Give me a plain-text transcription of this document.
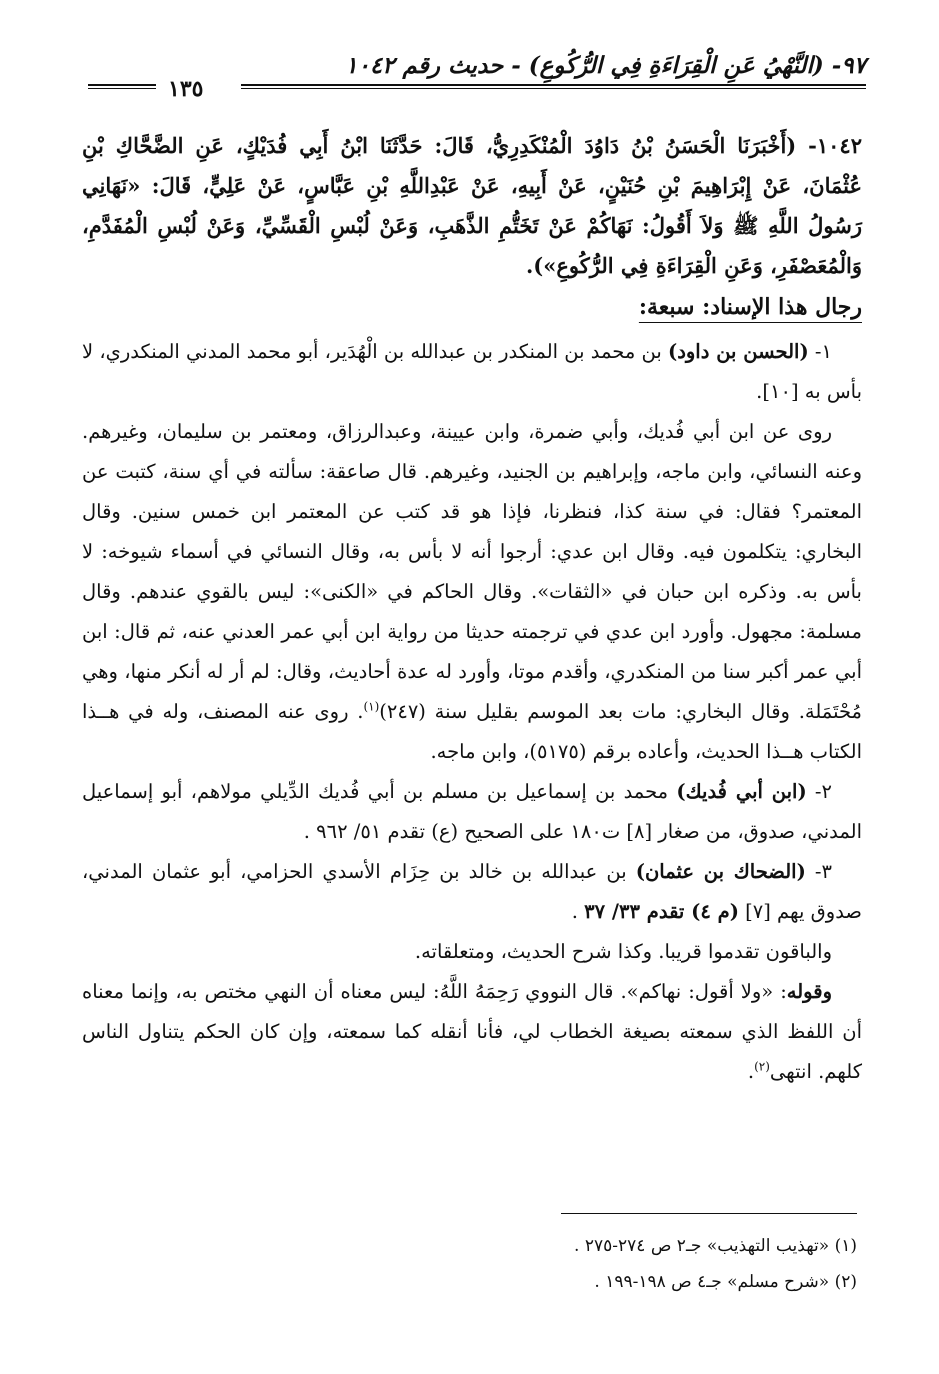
٩٧- (النَّهْيُ عَنِ الْقِرَاءَةِ فِي الرُّكُوعِ) - حديث رقم ١٠٤٢
١٣٥

١٠٤٢- (أَخْبَرَنَا الْحَسَنُ بْنُ دَاوُدَ الْمُنْكَدِرِيُّ، قَالَ: حَدَّثَنَا ابْنُ أَبِي فُدَيْكٍ، عَنِ الضَّحَّاكِ بْنِ عُثْمَانَ، عَنْ إِبْرَاهِيمَ بْنِ حُنَيْنٍ، عَنْ أَبِيهِ، عَنْ عَبْدِاللَّهِ بْنِ عَبَّاسٍ، عَنْ عَلِيٍّ، قَالَ: «نَهَانِي رَسُولُ اللَّهِ ﷺ وَلاَ أَقُولُ: نَهَاكُمْ عَنْ تَخَتُّمِ الذَّهَبِ، وَعَنْ لُبْسِ الْقَسِّيِّ، وَعَنْ لُبْسِ الْمُفَدَّمِ، وَالْمُعَصْفَرِ، وَعَنِ الْقِرَاءَةِ فِي الرُّكُوعِ»).

رجال هذا الإسناد: سبعة:

١- (الحسن بن داود) بن محمد بن المنكدر بن عبدالله بن الْهُدَير، أبو محمد المدني المنكدري، لا بأس به [١٠].

روى عن ابن أبي فُديك، وأبي ضمرة، وابن عيينة، وعبدالرزاق، ومعتمر بن سليمان، وغيرهم. وعنه النسائي، وابن ماجه، وإبراهيم بن الجنيد، وغيرهم. قال صاعقة: سألته في أي سنة، كتبت عن المعتمر؟ فقال: في سنة كذا، فنظرنا، فإذا هو قد كتب عن المعتمر ابن خمس سنين. وقال البخاري: يتكلمون فيه. وقال ابن عدي: أرجوا أنه لا بأس به، وقال النسائي في أسماء شيوخه: لا بأس به. وذكره ابن حبان في «الثقات». وقال الحاكم في «الكنى»: ليس بالقوي عندهم. وقال مسلمة: مجهول. وأورد ابن عدي في ترجمته حديثا من رواية ابن أبي عمر العدني عنه، ثم قال: ابن أبي عمر أكبر سنا من المنكدري، وأقدم موتا، وأورد له عدة أحاديث، وقال: لم أر له أنكر منها، وهي مُحْتَمَلة. وقال البخاري: مات بعد الموسم بقليل سنة (٢٤٧)$^{(١)}$. روى عنه المصنف، وله في هــذا الكتاب هــذا الحديث، وأعاده برقم (٥١٧٥)، وابن ماجه.

٢- (ابن أبي فُديك) محمد بن إسماعيل بن مسلم بن أبي فُديك الدِّيلي مولاهم، أبو إسماعيل المدني، صدوق، من صغار [٨] ت١٨٠ على الصحيح (ع) تقدم ٥١/ ٩٦٢ .

٣- (الضحاك بن عثمان) بن عبدالله بن خالد بن حِزَام الأسدي الحزامي، أبو عثمان المدني، صدوق يهم [٧] (م ٤) تقدم ٣٣/ ٣٧ .

والباقون تقدموا قريبا. وكذا شرح الحديث، ومتعلقاته.

وقوله: «ولا أقول: نهاكم». قال النووي رَحِمَهُ اللَّهُ: ليس معناه أن النهي مختص به، وإنما معناه أن اللفظ الذي سمعته بصيغة الخطاب لي، فأنا أنقله كما سمعته، وإن كان الحكم يتناول الناس كلهم. انتهى$^{(٢)}$.

(١) «تهذيب التهذيب» جـ٢ ص ٢٧٤-٢٧٥ .

(٢) «شرح مسلم» جـ٤ ص ١٩٨-١٩٩ .
